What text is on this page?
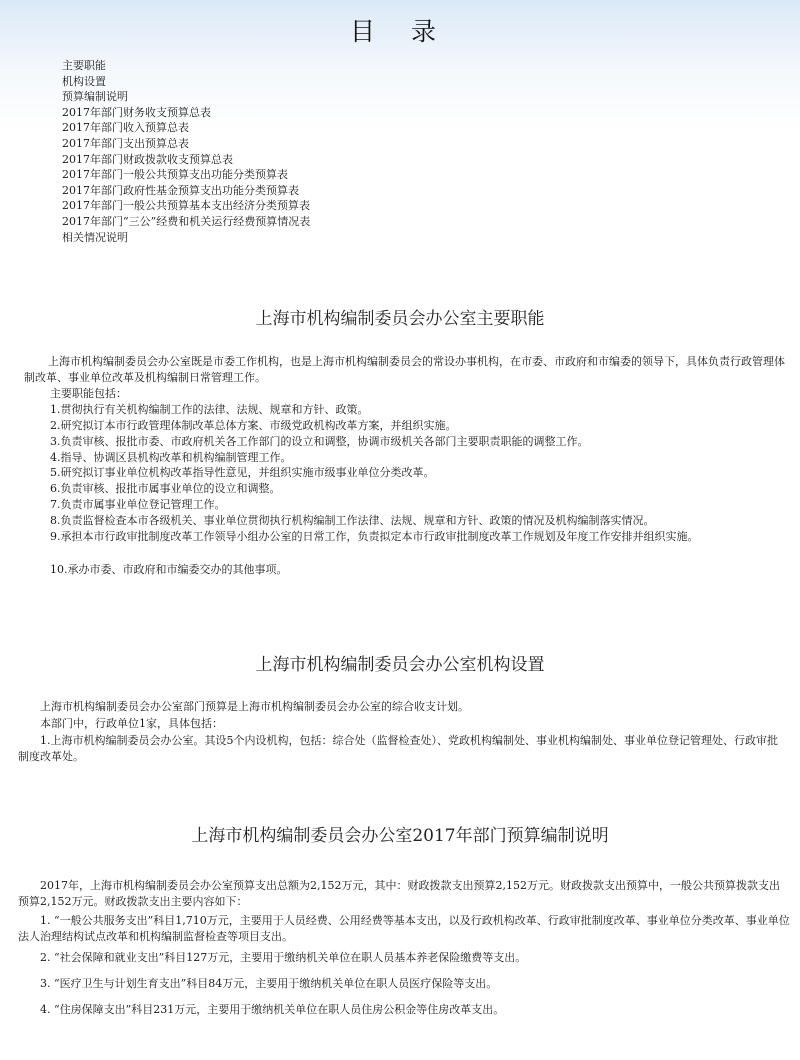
目 录
主要职能
机构设置
预算编制说明
2017年部门财务收支预算总表
2017年部门收入预算总表
2017年部门支出预算总表
2017年部门财政拨款收支预算总表
2017年部门一般公共预算支出功能分类预算表
2017年部门政府性基金预算支出功能分类预算表
2017年部门一般公共预算基本支出经济分类预算表
2017年部门“三公”经费和机关运行经费预算情况表
相关情况说明
上海市机构编制委员会办公室主要职能

上海市机构编制委员会办公室既是市委工作机构，也是上海市机构编制委员会的常设办事机构，在市委、市政府和市编委的领导下，具体负责行政管理体制改革、事业单位改革及机构编制日常管理工作。

主要职能包括：

1.贯彻执行有关机构编制工作的法律、法规、规章和方针、政策。

2.研究拟订本市行政管理体制改革总体方案、市级党政机构改革方案，并组织实施。

3.负责审核、报批市委、市政府机关各工作部门的设立和调整，协调市级机关各部门主要职责职能的调整工作。

4.指导、协调区县机构改革和机构编制管理工作。

5.研究拟订事业单位机构改革指导性意见，并组织实施市级事业单位分类改革。

6.负责审核、报批市属事业单位的设立和调整。

7.负责市属事业单位登记管理工作。

8.负责监督检查本市各级机关、事业单位贯彻执行机构编制工作法律、法规、规章和方针、政策的情况及机构编制落实情况。

9.承担本市行政审批制度改革工作领导小组办公室的日常工作，负责拟定本市行政审批制度改革工作规划及年度工作安排并组织实施。

10.承办市委、市政府和市编委交办的其他事项。

上海市机构编制委员会办公室机构设置

上海市机构编制委员会办公室部门预算是上海市机构编制委员会办公室的综合收支计划。

本部门中，行政单位1家，具体包括：

1.上海市机构编制委员会办公室。其设5个内设机构，包括：综合处（监督检查处）、党政机构编制处、事业机构编制处、事业单位登记管理处、行政审批制度改革处。

上海市机构编制委员会办公室2017年部门预算编制说明

2017年，上海市机构编制委员会办公室预算支出总额为2,152万元，其中：财政拨款支出预算2,152万元。财政拨款支出预算中，一般公共预算拨款支出预算2,152万元。财政拨款支出主要内容如下：

1. “一般公共服务支出”科目1,710万元，主要用于人员经费、公用经费等基本支出，以及行政机构改革、行政审批制度改革、事业单位分类改革、事业单位法人治理结构试点改革和机构编制监督检查等项目支出。

2. “社会保障和就业支出”科目127万元，主要用于缴纳机关单位在职人员基本养老保险缴费等支出。

3. “医疗卫生与计划生育支出”科目84万元，主要用于缴纳机关单位在职人员医疗保险等支出。

4. “住房保障支出”科目231万元，主要用于缴纳机关单位在职人员住房公积金等住房改革支出。
